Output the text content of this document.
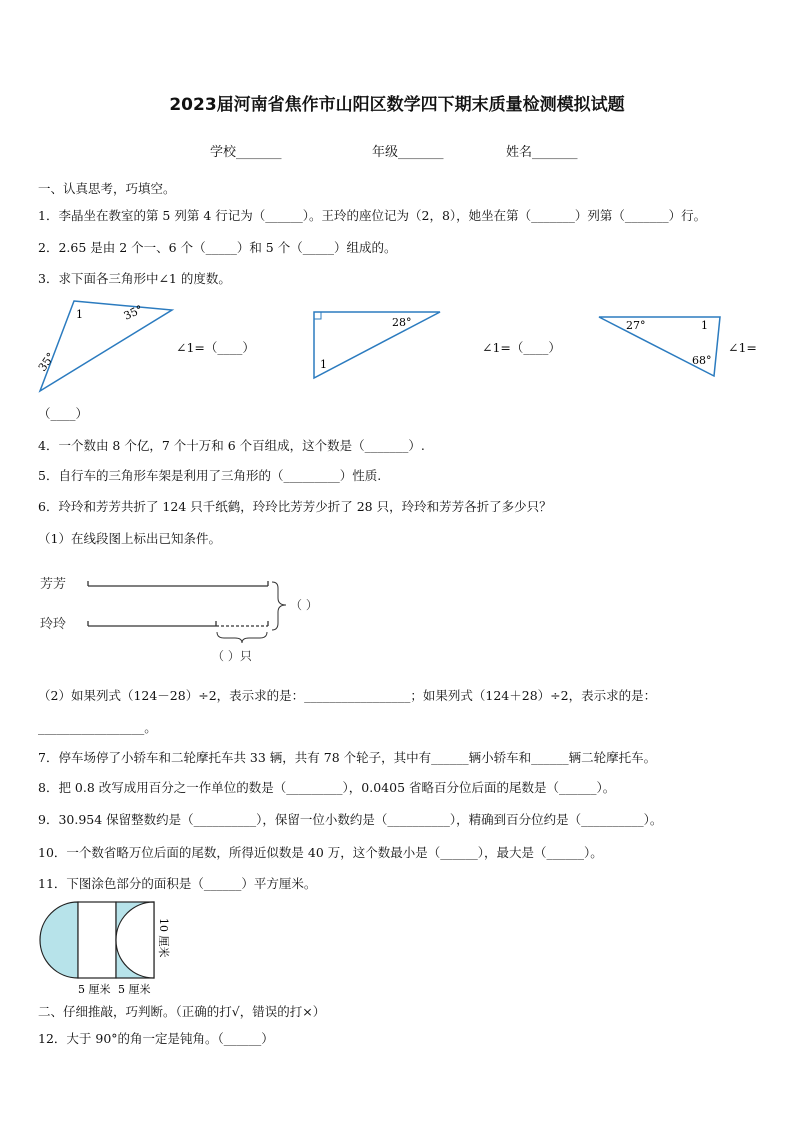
2023届河南省焦作市山阳区数学四下期末质量检测模拟试题
学校_______	年级_______	姓名_______
一、认真思考，巧填空。
1．李晶坐在教室的第 5 列第 4 行记为（______）。王玲的座位记为（2，8），她坐在第（_______）列第（_______）行。
2．2.65 是由 2 个一、6 个（_____）和 5 个（_____）组成的。
3．求下面各三角形中∠1 的度数。
1	35°
35°
∠1=（____）
（____）
28°
1
∠1=（____）
27°	1
68°
∠1=
4．一个数由 8 个亿，7 个十万和 6 个百组成，这个数是（_______）.
5．自行车的三角形车架是利用了三角形的（_________）性质.
6．玲玲和芳芳共折了 124 只千纸鹤，玲玲比芳芳少折了 28 只，玲玲和芳芳各折了多少只？
（1）在线段图上标出已知条件。
芳芳
玲玲
（ ）
（ ）只
（2）如果列式（124－28）÷2，表示求的是：_________________；如果列式（124＋28）÷2，表示求的是：
_________________。
7．停车场停了小轿车和二轮摩托车共 33 辆，共有 78 个轮子，其中有______辆小轿车和______辆二轮摩托车。
8．把 0.8 改写成用百分之一作单位的数是（_________），0.0405 省略百分位后面的尾数是（______）。
9．30.954 保留整数约是（__________），保留一位小数约是（__________），精确到百分位约是（__________）。
10．一个数省略万位后面的尾数，所得近似数是 40 万，这个数最小是（______），最大是（______）。
11．下图涂色部分的面积是（______）平方厘米。
5 厘米 5 厘米
10 厘米
二、仔细推敲，巧判断。（正确的打√，错误的打×）
12．大于 90°的角一定是钝角。（______）
